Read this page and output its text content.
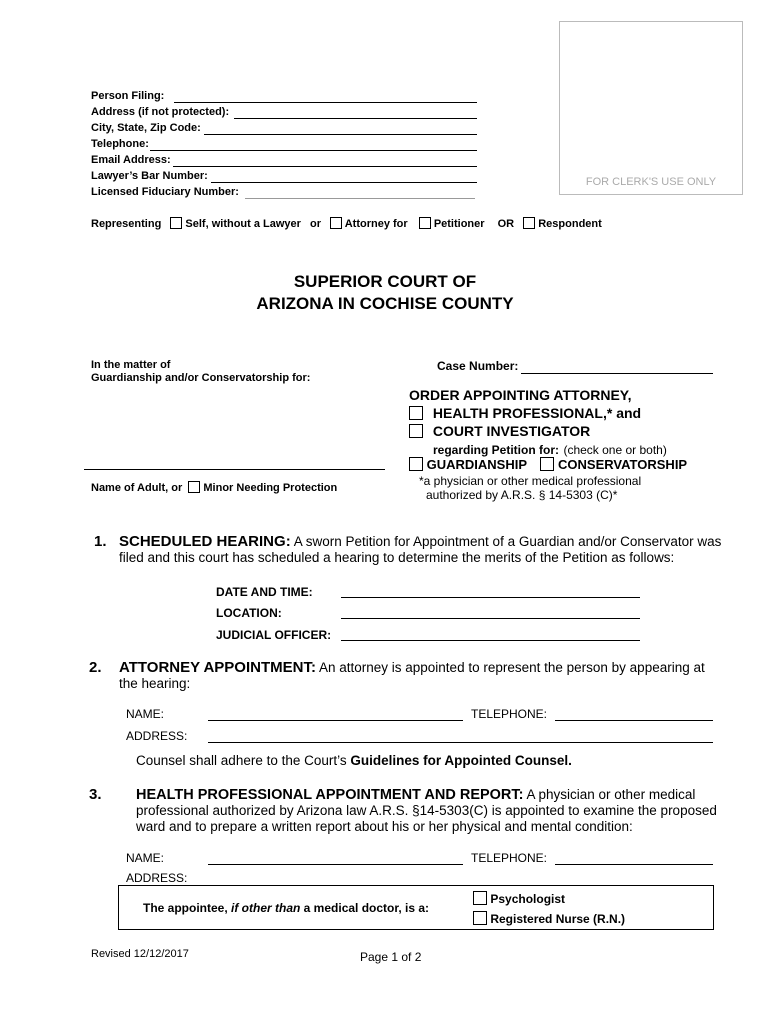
FOR CLERK'S USE ONLY
Person Filing:
Address (if not protected):
City, State, Zip Code:
Telephone:
Email Address:
Lawyer’s Bar Number:
Licensed Fiduciary Number:
Representing Self, without a Lawyer or Attorney for Petitioner OR Respondent
SUPERIOR COURT OF
ARIZONA IN COCHISE COUNTY
In the matter of
Guardianship and/or Conservatorship for:
Name of Adult, or Minor Needing Protection
Case Number:
ORDER APPOINTING ATTORNEY,
HEALTH PROFESSIONAL,* and
COURT INVESTIGATOR
regarding Petition for: (check one or both)
GUARDIANSHIP CONSERVATORSHIP
*a physician or other medical professional
authorized by A.R.S. § 14-5303 (C)*
1. SCHEDULED HEARING: A sworn Petition for Appointment of a Guardian and/or Conservator was
filed and this court has scheduled a hearing to determine the merits of the Petition as follows:
DATE AND TIME:
LOCATION:
JUDICIAL OFFICER:
2. ATTORNEY APPOINTMENT: An attorney is appointed to represent the person by appearing at
the hearing:
NAME:	TELEPHONE:
ADDRESS:
Counsel shall adhere to the Court’s Guidelines for Appointed Counsel.
3. HEALTH PROFESSIONAL APPOINTMENT AND REPORT: A physician or other medical
professional authorized by Arizona law A.R.S. §14-5303(C) is appointed to examine the proposed
ward and to prepare a written report about his or her physical and mental condition:
NAME:	TELEPHONE:
ADDRESS:
The appointee, if other than a medical doctor, is a:
Psychologist
Registered Nurse (R.N.)
Revised 12/12/2017	Page 1 of 2
